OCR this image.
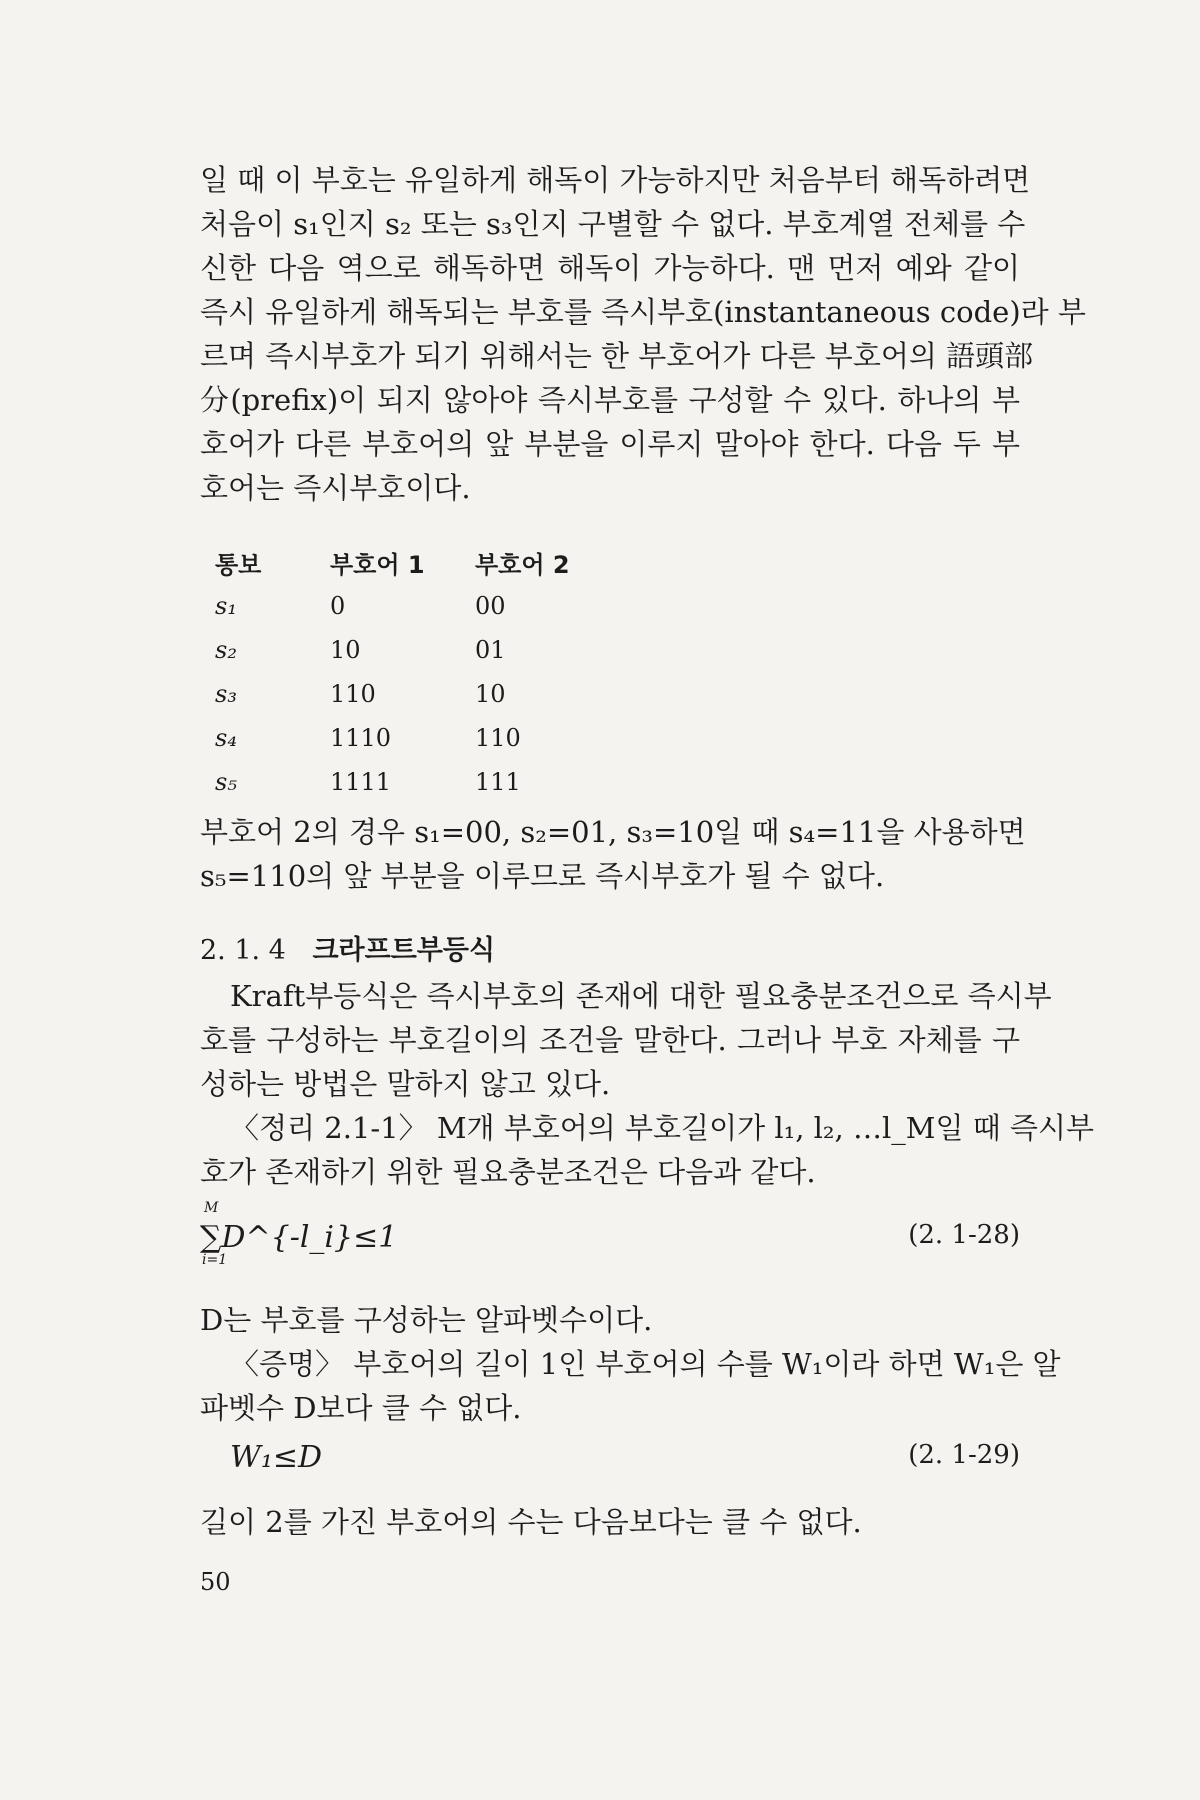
일 때 이 부호는 유일하게 해독이 가능하지만 처음부터 해독하려면

처음이 s₁인지 s₂ 또는 s₃인지 구별할 수 없다. 부호계열 전체를 수

신한 다음 역으로 해독하면 해독이 가능하다. 맨 먼저 예와 같이

즉시 유일하게 해독되는 부호를 즉시부호(instantaneous code)라 부

르며 즉시부호가 되기 위해서는 한 부호어가 다른 부호어의 語頭部

分(prefix)이 되지 않아야 즉시부호를 구성할 수 있다. 하나의 부

호어가 다른 부호어의 앞 부분을 이루지 말아야 한다. 다음 두 부

호어는 즉시부호이다.

통보	부호어 1	부호어 2
s₁	0	00
s₂	10	01
s₃	110	10
s₄	1110	110
s₅	1111	111

부호어 2의 경우 s₁=00, s₂=01, s₃=10일 때 s₄=11을 사용하면

s₅=110의 앞 부분을 이루므로 즉시부호가 될 수 없다.

2. 1. 4 크라프트부등식

Kraft부등식은 즉시부호의 존재에 대한 필요충분조건으로 즉시부

호를 구성하는 부호길이의 조건을 말한다. 그러나 부호 자체를 구

성하는 방법은 말하지 않고 있다.

〈정리 2.1-1〉 M개 부호어의 부호길이가 l₁, l₂, …l_M일 때 즉시부

호가 존재하기 위한 필요충분조건은 다음과 같다.

∑
M
i=1
D^{-l_i}≤1	(2. 1-28)

D는 부호를 구성하는 알파벳수이다.

〈증명〉 부호어의 길이 1인 부호어의 수를 W₁이라 하면 W₁은 알

파벳수 D보다 클 수 없다.

W₁≤D	(2. 1-29)

길이 2를 가진 부호어의 수는 다음보다는 클 수 없다.

50
